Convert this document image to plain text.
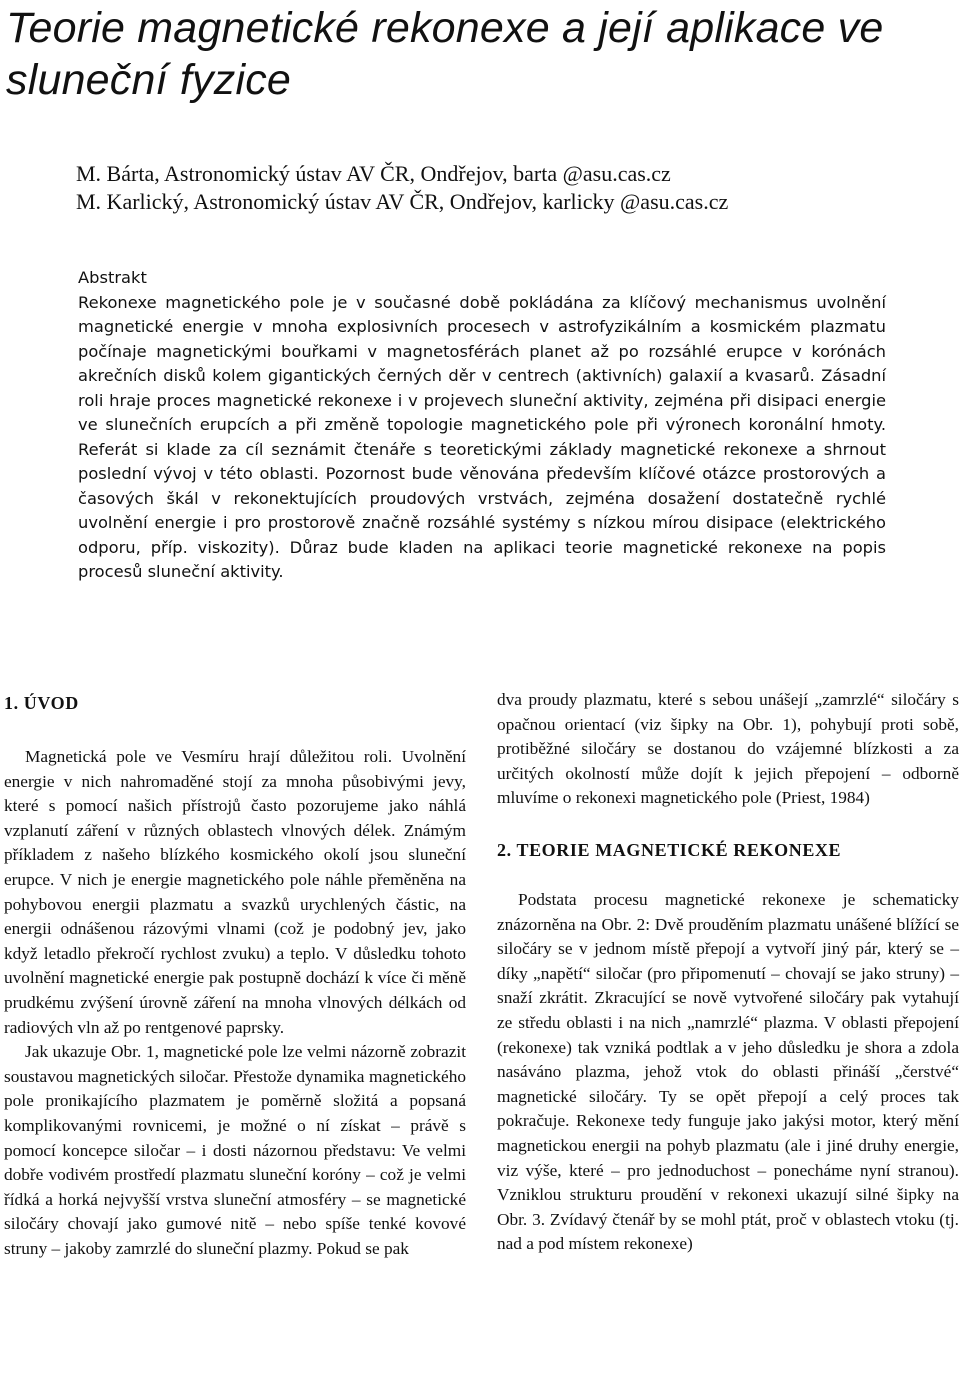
Teorie magnetické rekonexe a její aplikace ve sluneční fyzice
M. Bárta, Astronomický ústav AV ČR, Ondřejov, barta @asu.cas.cz
M. Karlický, Astronomický ústav AV ČR, Ondřejov, karlicky @asu.cas.cz
Abstrakt

Rekonexe magnetického pole je v současné době pokládána za klíčový mechanismus uvolnění magnetické energie v mnoha explosivních procesech v astrofyzikálním a kosmickém plazmatu počínaje magnetickými bouřkami v magnetosférách planet až po rozsáhlé erupce v korónách akrečních disků kolem gigantických černých děr v centrech (aktivních) galaxií a kvasarů. Zásadní roli hraje proces magnetické rekonexe i v projevech sluneční aktivity, zejména při disipaci energie ve slunečních erupcích a při změně topologie magnetického pole při výronech koronální hmoty. Referát si klade za cíl seznámit čtenáře s teoretickými základy magnetické rekonexe a shrnout poslední vývoj v této oblasti. Pozornost bude věnována především klíčové otázce prostorových a časových škál v rekonektujících proudových vrstvách, zejména dosažení dostatečně rychlé uvolnění energie i pro prostorově značně rozsáhlé systémy s nízkou mírou disipace (elektrického odporu, příp. viskozity). Důraz bude kladen na aplikaci teorie magnetické rekonexe na popis procesů sluneční aktivity.

1. ÚVOD

Magnetická pole ve Vesmíru hrají důležitou roli. Uvolnění energie v nich nahromaděné stojí za mnoha působivými jevy, které s pomocí našich přístrojů často pozorujeme jako náhlá vzplanutí záření v různých oblastech vlnových délek. Známým příkladem z našeho blízkého kosmického okolí jsou sluneční erupce. V nich je energie magnetického pole náhle přeměněna na pohybovou energii plazmatu a svazků urychlených částic, na energii odnášenou rázovými vlnami (což je podobný jev, jako když letadlo překročí rychlost zvuku) a teplo. V důsledku tohoto uvolnění magnetické energie pak postupně dochází k více či měně prudkému zvýšení úrovně záření na mnoha vlnových délkách od radiových vln až po rentgenové paprsky.

Jak ukazuje Obr. 1, magnetické pole lze velmi názorně zobrazit soustavou magnetických siločar. Přestože dynamika magnetického pole pronikajícího plazmatem je poměrně složitá a popsaná komplikovanými rovnicemi, je možné o ní získat – právě s pomocí koncepce siločar – i dosti názornou představu: Ve velmi dobře vodivém prostředí plazmatu sluneční koróny – což je velmi řídká a horká nejvyšší vrstva sluneční atmosféry – se magnetické siločáry chovají jako gumové nitě – nebo spíše tenké kovové struny – jakoby zamrzlé do sluneční plazmy. Pokud se pak

dva proudy plazmatu, které s sebou unášejí „zamrzlé“ siločáry s opačnou orientací (viz šipky na Obr. 1), pohybují proti sobě, protiběžné siločáry se dostanou do vzájemné blízkosti a za určitých okolností může dojít k jejich přepojení – odborně mluvíme o rekonexi magnetického pole (Priest, 1984)

2. TEORIE MAGNETICKÉ REKONEXE

Podstata procesu magnetické rekonexe je schematicky znázorněna na Obr. 2: Dvě prouděním plazmatu unášené blížící se siločáry se v jednom místě přepojí a vytvoří jiný pár, který se – díky „napětí“ siločar (pro připomenutí – chovají se jako struny) – snaží zkrátit. Zkracující se nově vytvořené siločáry pak vytahují ze středu oblasti i na nich „namrzlé“ plazma. V oblasti přepojení (rekonexe) tak vzniká podtlak a v jeho důsledku je shora a zdola nasáváno plazma, jehož vtok do oblasti přináší „čerstvé“ magnetické siločáry. Ty se opět přepojí a celý proces tak pokračuje. Rekonexe tedy funguje jako jakýsi motor, který mění magnetickou energii na pohyb plazmatu (ale i jiné druhy energie, viz výše, které – pro jednoduchost – ponecháme nyní stranou). Vzniklou strukturu proudění v rekonexi ukazují silné šipky na Obr. 3. Zvídavý čtenář by se mohl ptát, proč v oblastech vtoku (tj. nad a pod místem rekonexe)
